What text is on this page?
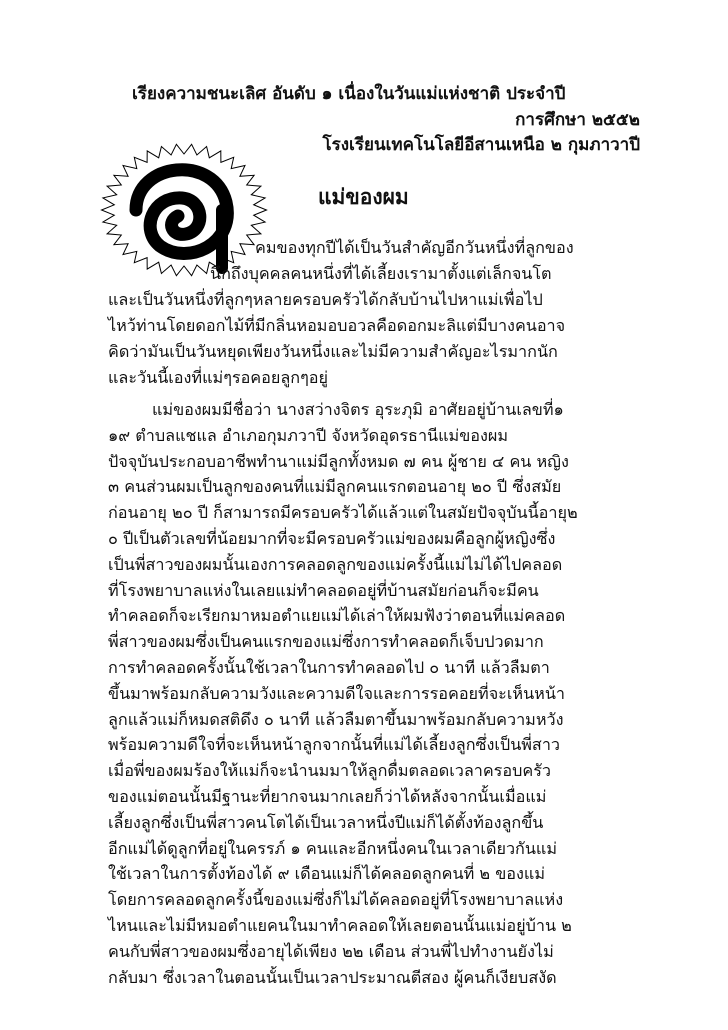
เรียงความชนะเลิศ อันดับ ๑ เนื่องในวันแม่แห่งชาติ ประจำปี
การศึกษา ๒๕๕๒
โรงเรียนเทคโนโลยีอีสานเหนือ ๒ กุมภาวาปี
แม่ของผม
คมของทุกปีได้เป็นวันสำคัญอีกวันหนึ่งที่ลูกของ
นึกถึงบุคคลคนหนึ่งที่ได้เลี้ยงเรามาตั้งแต่เล็กจนโต
และเป็นวันหนึ่งที่ลูกๆหลายครอบครัวได้กลับบ้านไปหาแม่เพื่อไป
ไหว้ท่านโดยดอกไม้ที่มีกลิ่นหอมอบอวลคือดอกมะลิแต่มีบางคนอาจ
คิดว่ามันเป็นวันหยุดเพียงวันหนึ่งและไม่มีความสำคัญอะไรมากนัก
และวันนี้เองที่แม่ๆรอคอยลูกๆอยู่
แม่ของผมมีชื่อว่า นางสว่างจิตร อุระภุมิ อาศัยอยู่บ้านเลขที่๑
๑๙ ตำบลแชแล อำเภอกุมภวาปี จังหวัดอุดรธานีแม่ของผม
ปัจจุบันประกอบอาชีพทำนาแม่มีลูกทั้งหมด ๗ คน ผู้ชาย ๔ คน หญิง
๓ คนส่วนผมเป็นลูกของคนที่แม่มีลูกคนแรกตอนอายุ ๒๐ ปี ซึ่งสมัย
ก่อนอายุ ๒๐ ปี ก็สามารถมีครอบครัวได้แล้วแต่ในสมัยปัจจุบันนี้อายุ๒
๐ ปีเป็นตัวเลขที่น้อยมากที่จะมีครอบครัวแม่ของผมคือลูกผู้หญิงซึ่ง
เป็นพี่สาวของผมนั้นเองการคลอดลูกของแม่ครั้งนี้แม่ไม่ได้ไปคลอด
ที่โรงพยาบาลแห่งในเลยแม่ทำคลอดอยู่ที่บ้านสมัยก่อนก็จะมีคน
ทำคลอดก็จะเรียกมาหมอตำแยแม่ได้เล่าให้ผมฟังว่าตอนที่แม่คลอด
พี่สาวของผมซึ่งเป็นคนแรกของแม่ซึ่งการทำคลอดก็เจ็บปวดมาก
การทำคลอดครั้งนั้นใช้เวลาในการทำคลอดไป ๐ นาที แล้วลืมตา
ขึ้นมาพร้อมกลับความวังและความดีใจและการรอคอยที่จะเห็นหน้า
ลูกแล้วแม่ก็หมดสติดึง ๐ นาที แล้วลืมตาขึ้นมาพร้อมกลับความหวัง
พร้อมความดีใจที่จะเห็นหน้าลูกจากนั้นที่แม่ได้เลี้ยงลูกซึ่งเป็นพี่สาว
เมื่อพี่ของผมร้องให้แม่ก็จะนำนมมาให้ลูกดื่มตลอดเวลาครอบครัว
ของแม่ตอนนั้นมีฐานะที่ยากจนมากเลยก็ว่าได้หลังจากนั้นเมื่อแม่
เลี้ยงลูกซึ่งเป็นพี่สาวคนโตได้เป็นเวลาหนึ่งปีแม่ก็ได้ตั้งท้องลูกขึ้น
อีกแม่ได้ดูลูกที่อยู่ในครรภ์ ๑ คนและอีกหนึ่งคนในเวลาเดียวกันแม่
ใช้เวลาในการตั้งท้องได้ ๙ เดือนแม่ก็ได้คลอดลูกคนที่ ๒ ของแม่
โดยการคลอดลูกครั้งนี้ของแม่ซึ่งก็ไม่ได้คลอดอยู่ที่โรงพยาบาลแห่ง
ไหนและไม่มีหมอตำแยคนในมาทำคลอดให้เลยตอนนั้นแม่อยู่บ้าน ๒
คนกับพี่สาวของผมซึ่งอายุได้เพียง ๒๒ เดือน ส่วนพี่ไปทำงานยังไม่
กลับมา ซึ่งเวลาในตอนนั้นเป็นเวลาประมาณตีสอง ผู้คนก็เงียบสงัด
